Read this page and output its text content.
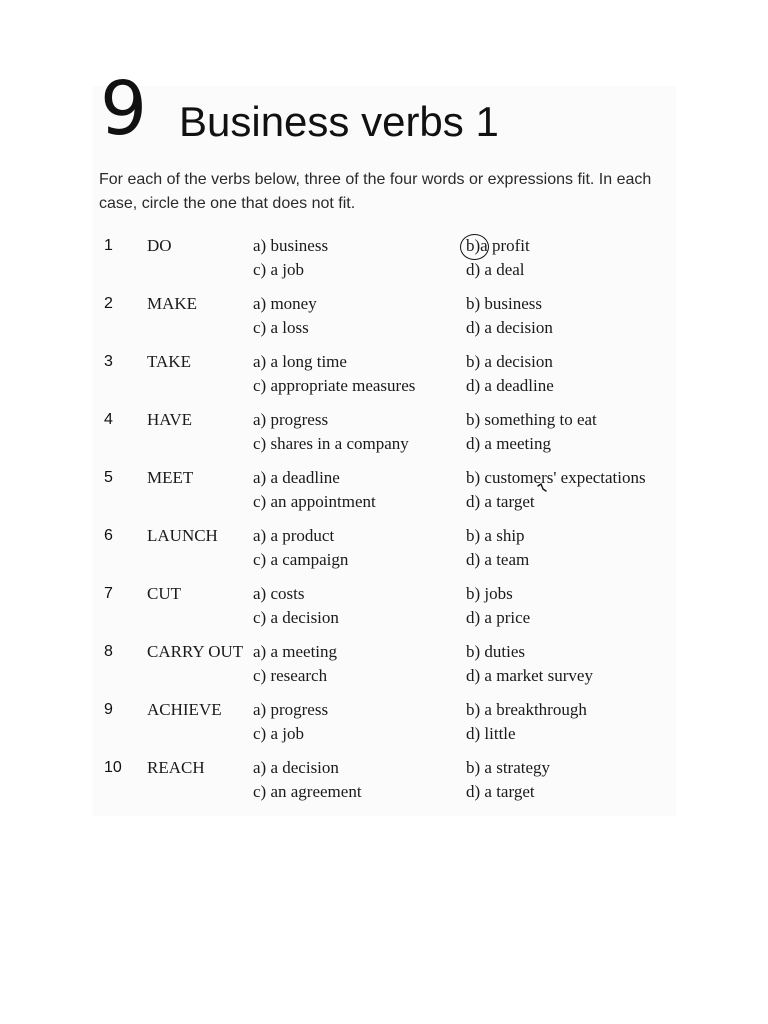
9 Business verbs 1

For each of the verbs below, three of the four words or expressions fit. In each case, circle the one that does not fit.

1	DO	a) business	b)a profit
c) a job	d) a deal
2	MAKE	a) money	b) business
c) a loss	d) a decision
3	TAKE	a) a long time	b) a decision
c) appropriate measures	d) a deadline
4	HAVE	a) progress	b) something to eat
c) shares in a company	d) a meeting
5	MEET	a) a deadline	b) customers' expectations
c) an appointment	d) a target
6	LAUNCH a) a product	b) a ship
c) a campaign	d) a team
7	CUT	a) costs	b) jobs
c) a decision	d) a price
8	CARRY OUT a) a meeting	b) duties
c) research	d) a market survey
9	ACHIEVE a) progress	b) a breakthrough
c) a job	d) little
10	REACH	a) a decision	b) a strategy
c) an agreement	d) a target
